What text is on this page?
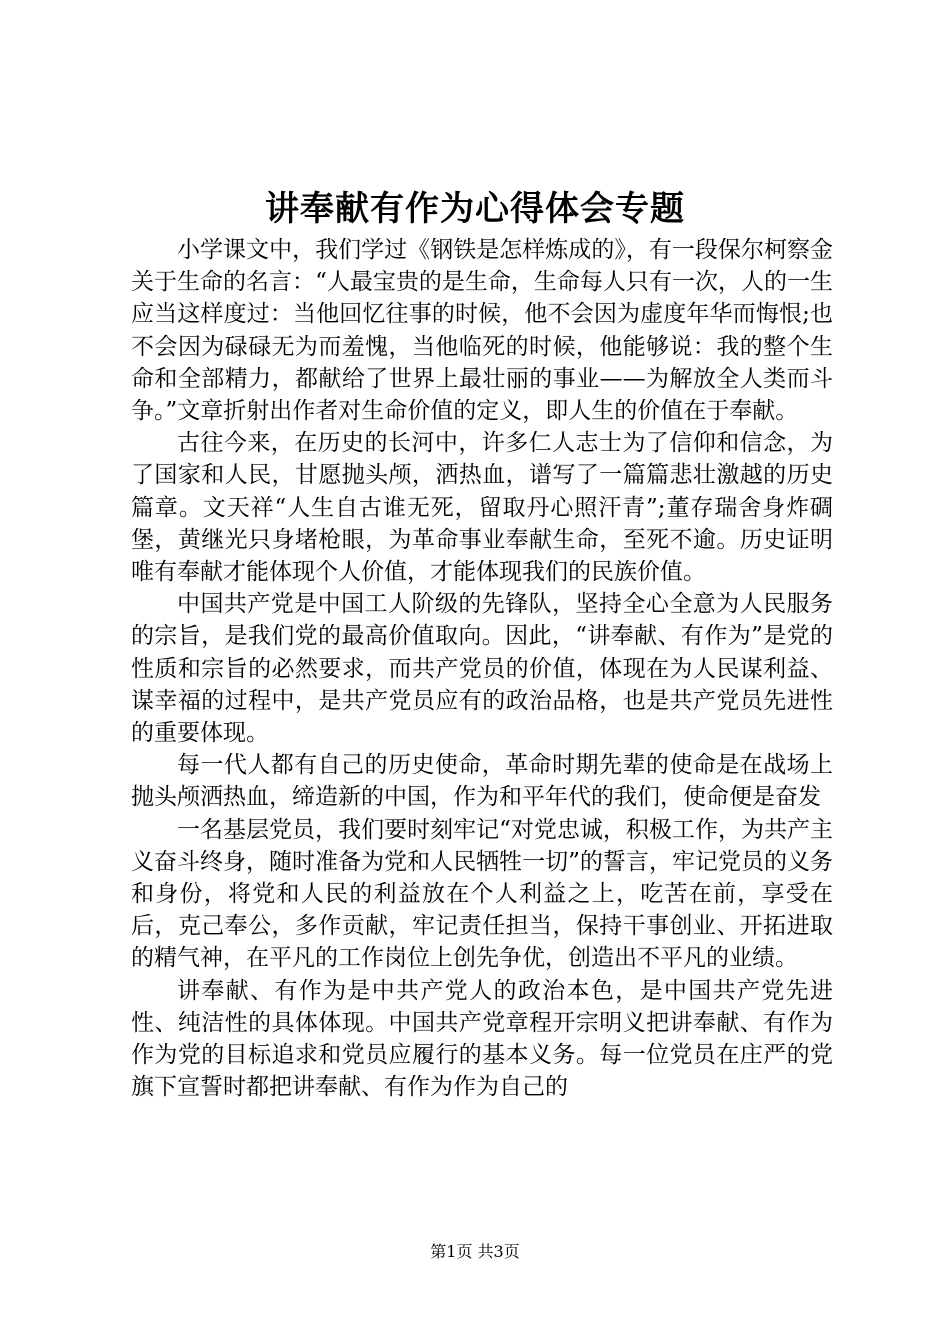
讲奉献有作为心得体会专题

小学课文中，我们学过《钢铁是怎样炼成的》，有一段保尔柯察金关于生命的名言：“人最宝贵的是生命，生命每人只有一次，人的一生应当这样度过：当他回忆往事的时候，他不会因为虚度年华而悔恨;也不会因为碌碌无为而羞愧，当他临死的时候，他能够说：我的整个生命和全部精力，都献给了世界上最壮丽的事业——为解放全人类而斗争。”文章折射出作者对生命价值的定义，即人生的价值在于奉献。

古往今来，在历史的长河中，许多仁人志士为了信仰和信念，为了国家和人民，甘愿抛头颅，洒热血，谱写了一篇篇悲壮激越的历史篇章。文天祥“人生自古谁无死，留取丹心照汗青”;董存瑞舍身炸碉堡，黄继光只身堵枪眼，为革命事业奉献生命，至死不逾。历史证明唯有奉献才能体现个人价值，才能体现我们的民族价值。

中国共产党是中国工人阶级的先锋队，坚持全心全意为人民服务的宗旨，是我们党的最高价值取向。因此，“讲奉献、有作为”是党的性质和宗旨的必然要求，而共产党员的价值，体现在为人民谋利益、谋幸福的过程中，是共产党员应有的政治品格，也是共产党员先进性的重要体现。

每一代人都有自己的历史使命，革命时期先辈的使命是在战场上抛头颅洒热血，缔造新的中国，作为和平年代的我们，使命便是奋发

一名基层党员，我们要时刻牢记“对党忠诚，积极工作，为共产主义奋斗终身，随时准备为党和人民牺牲一切”的誓言，牢记党员的义务和身份，将党和人民的利益放在个人利益之上，吃苦在前，享受在后，克己奉公，多作贡献，牢记责任担当，保持干事创业、开拓进取的精气神，在平凡的工作岗位上创先争优，创造出不平凡的业绩。

讲奉献、有作为是中共产党人的政治本色，是中国共产党先进性、纯洁性的具体体现。中国共产党章程开宗明义把讲奉献、有作为作为党的目标追求和党员应履行的基本义务。每一位党员在庄严的党旗下宣誓时都把讲奉献、有作为作为自己的

第1页 共3页
